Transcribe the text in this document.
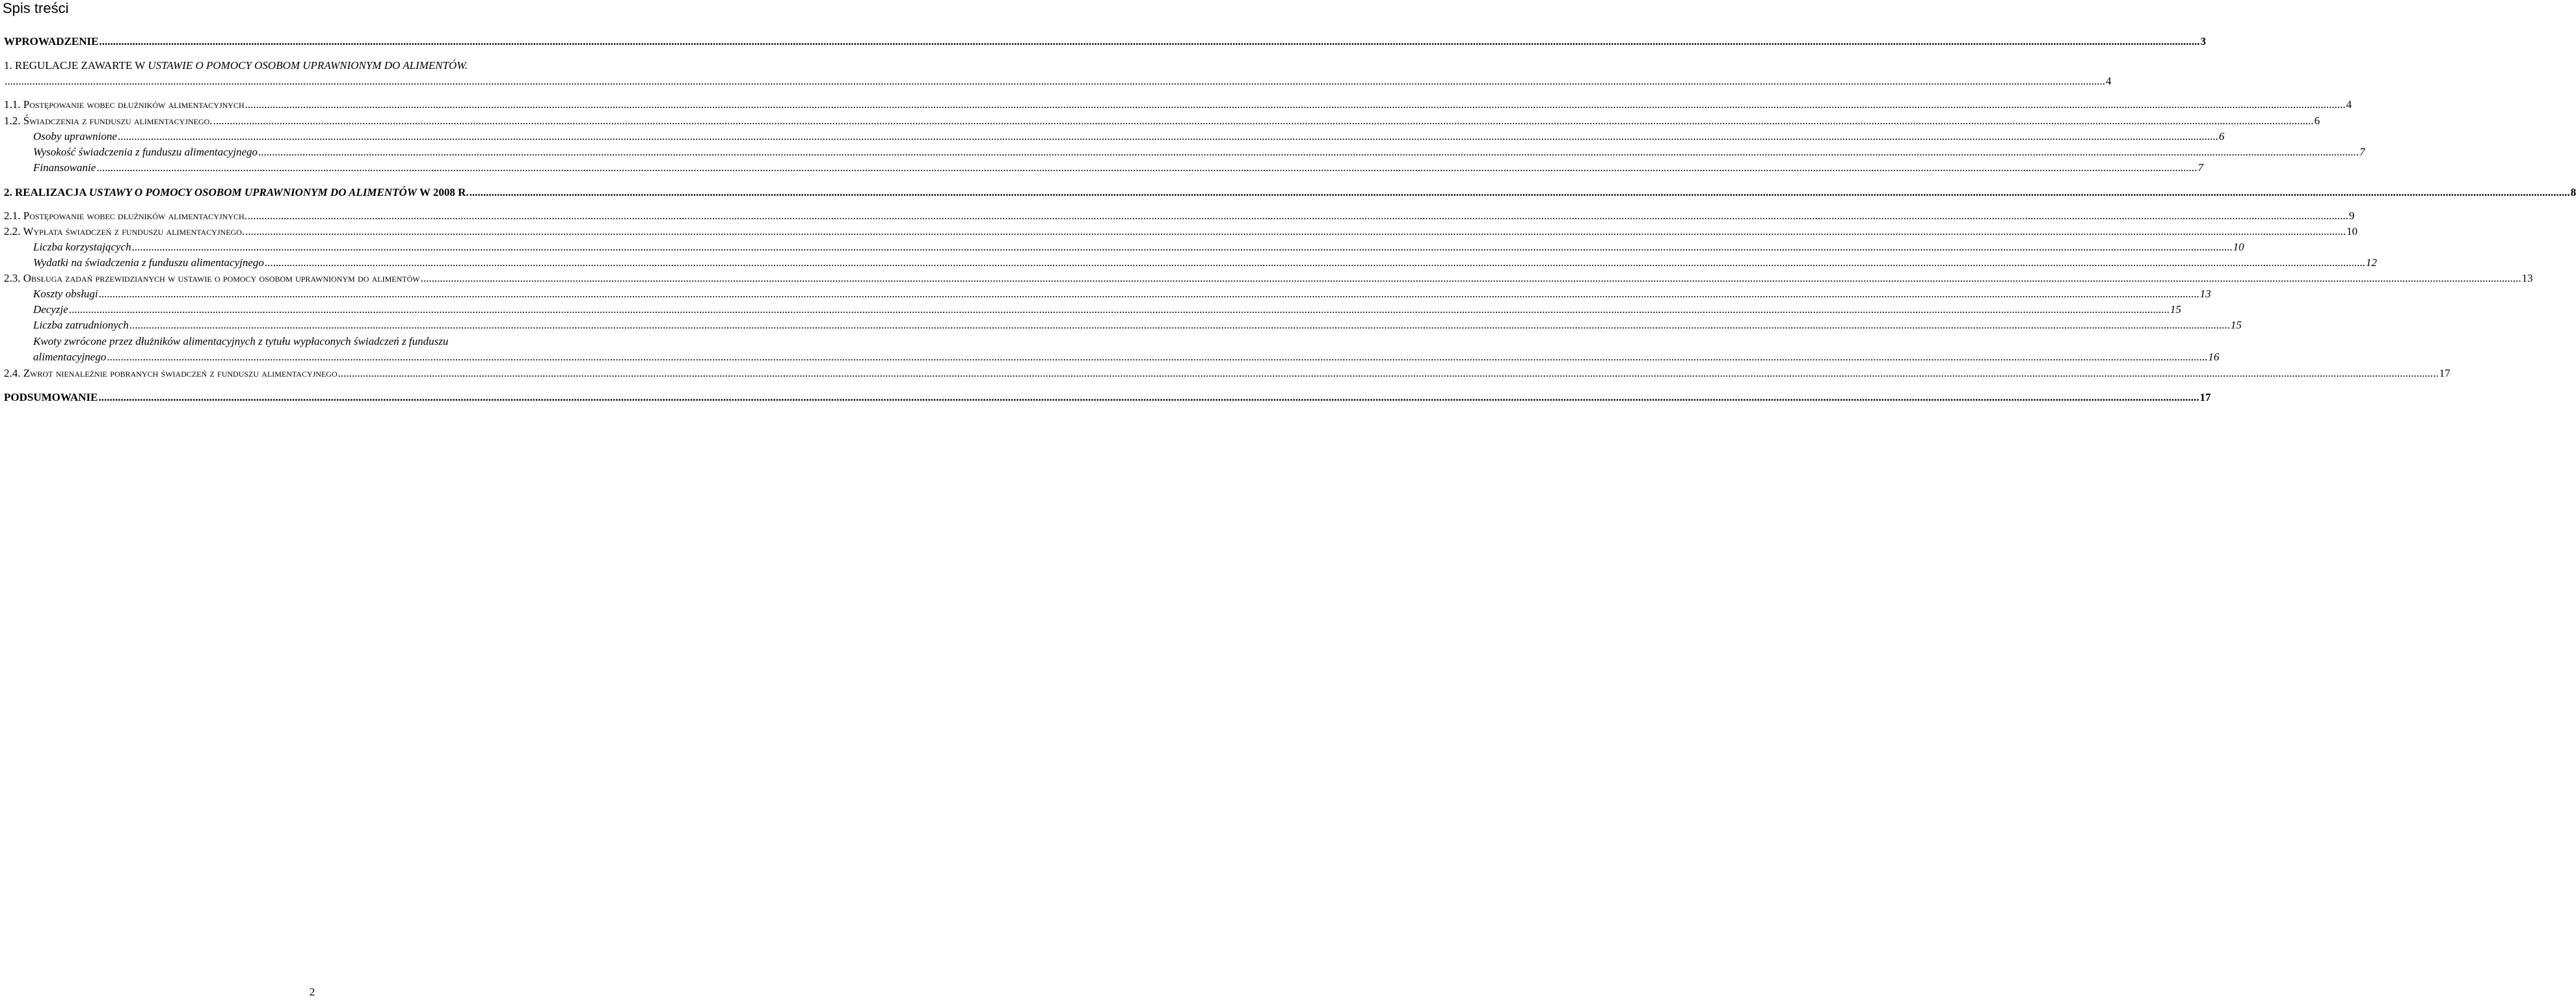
Spis treści
WPROWADZENIE ........................................................................................................................................................................................................................................................................................................................................................................................................................................................................................................................................................................................................................................................................................................................................................................................ 3
1. REGULACJE ZAWARTE W USTAWIE O POMOCY OSOBOM UPRAWNIONYM DO ALIMENTÓW.
........................................................................................................................................................................................................................................................................................................................................................................................................................................................................................................................................................................................................................................................................................................................................................................................ 4
1.1. Postępowanie wobec dłużników alimentacyjnych ........................................................................................................................................................................................................................................................................................................................................................................................................................................................................................................................................................................................................................................................................................................................................................................................ 4
1.2. Świadczenia z funduszu alimentacyjnego. ........................................................................................................................................................................................................................................................................................................................................................................................................................................................................................................................................................................................................................................................................................................................................................................................ 6
Osoby uprawnione ........................................................................................................................................................................................................................................................................................................................................................................................................................................................................................................................................................................................................................................................................................................................................................................................ 6
Wysokość świadczenia z funduszu alimentacyjnego ........................................................................................................................................................................................................................................................................................................................................................................................................................................................................................................................................................................................................................................................................................................................................................................................ 7
Finansowanie ........................................................................................................................................................................................................................................................................................................................................................................................................................................................................................................................................................................................................................................................................................................................................................................................ 7
2. REALIZACJA USTAWY O POMOCY OSOBOM UPRAWNIONYM DO ALIMENTÓW W 2008 R. ........................................................................................................................................................................................................................................................................................................................................................................................................................................................................................................................................................................................................................................................................................................................................................................................ 8
2.1. Postępowanie wobec dłużników alimentacyjnych. ........................................................................................................................................................................................................................................................................................................................................................................................................................................................................................................................................................................................................................................................................................................................................................................................ 9
2.2. Wypłata świadczeń z funduszu alimentacyjnego. ........................................................................................................................................................................................................................................................................................................................................................................................................................................................................................................................................................................................................................................................................................................................................................................................ 10
Liczba korzystających ........................................................................................................................................................................................................................................................................................................................................................................................................................................................................................................................................................................................................................................................................................................................................................................................ 10
Wydatki na świadczenia z funduszu alimentacyjnego ........................................................................................................................................................................................................................................................................................................................................................................................................................................................................................................................................................................................................................................................................................................................................................................................ 12
2.3. Obsługa zadań przewidzianych w ustawie o pomocy osobom uprawnionym do alimentów ........................................................................................................................................................................................................................................................................................................................................................................................................................................................................................................................................................................................................................................................................................................................................................................................ 13
Koszty obsługi ........................................................................................................................................................................................................................................................................................................................................................................................................................................................................................................................................................................................................................................................................................................................................................................................ 13
Decyzje ........................................................................................................................................................................................................................................................................................................................................................................................................................................................................................................................................................................................................................................................................................................................................................................................ 15
Liczba zatrudnionych ........................................................................................................................................................................................................................................................................................................................................................................................................................................................................................................................................................................................................................................................................................................................................................................................ 15
Kwoty zwrócone przez dłużników alimentacyjnych z tytułu wypłaconych świadczeń z funduszu
alimentacyjnego ........................................................................................................................................................................................................................................................................................................................................................................................................................................................................................................................................................................................................................................................................................................................................................................................ 16
2.4. Zwrot nienależnie pobranych świadczeń z funduszu alimentacyjnego ........................................................................................................................................................................................................................................................................................................................................................................................................................................................................................................................................................................................................................................................................................................................................................................................ 17
PODSUMOWANIE ........................................................................................................................................................................................................................................................................................................................................................................................................................................................................................................................................................................................................................................................................................................................................................................................ 17
2
